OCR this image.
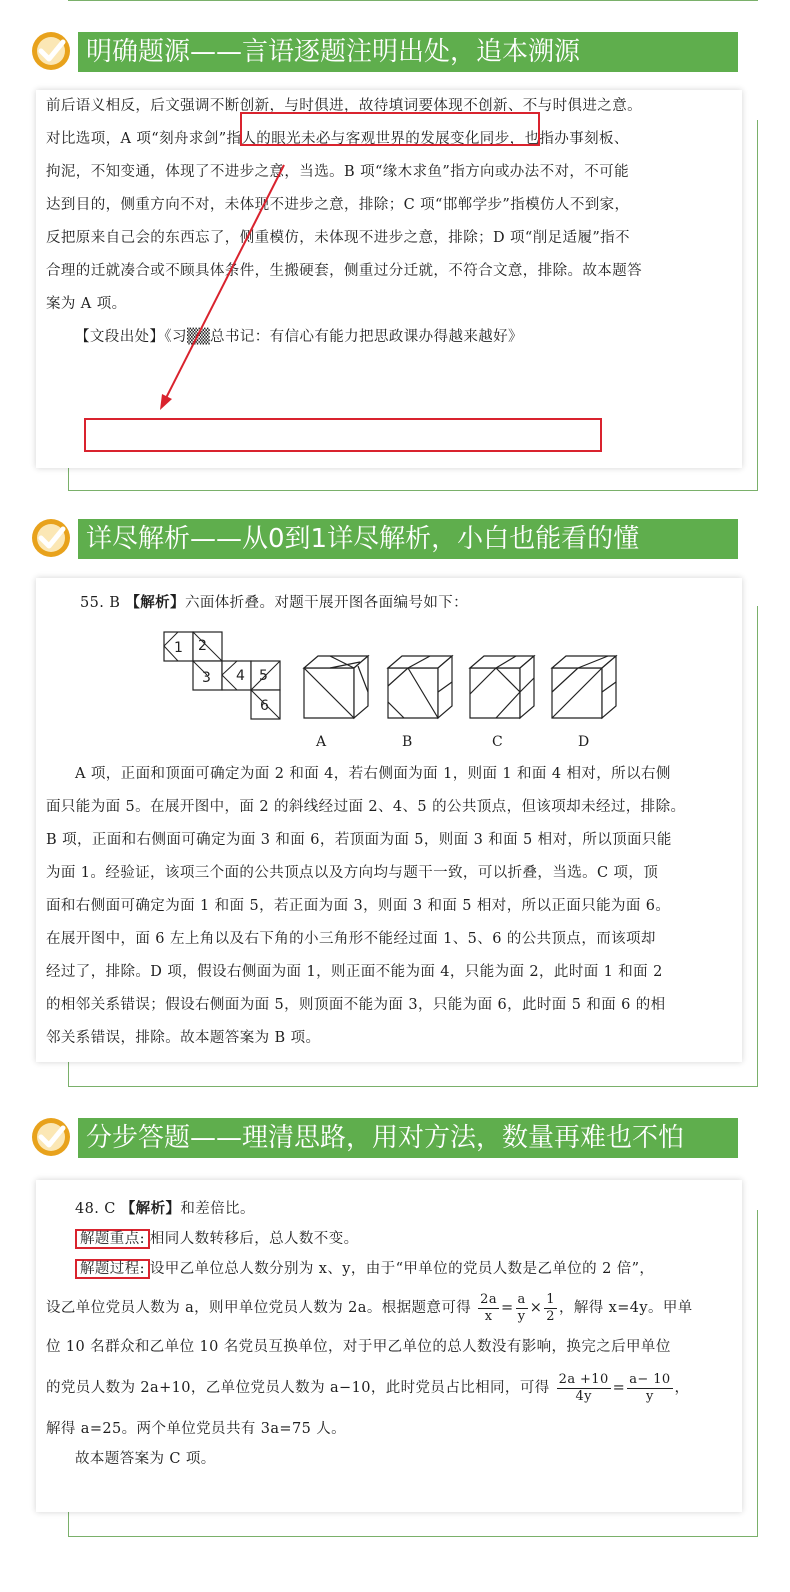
明确题源——言语逐题注明出处，追本溯源

前后语义相反，后文强调不断创新，与时俱进，故待填词要体现不创新、不与时俱进之意。

对比选项，A 项“刻舟求剑”指人的眼光未必与客观世界的发展变化同步，也指办事刻板、

拘泥，不知变通，体现了不进步之意，当选。B 项“缘木求鱼”指方向或办法不对，不可能

达到目的，侧重方向不对，未体现不进步之意，排除；C 项“邯郸学步”指模仿人不到家，

反把原来自己会的东西忘了，侧重模仿，未体现不进步之意，排除；D 项“削足适履”指不

合理的迁就凑合或不顾具体条件，生搬硬套，侧重过分迁就，不符合文意，排除。故本题答

案为 A 项。

【文段出处】《习▒▒总书记：有信心有能力把思政课办得越来越好》

详尽解析——从0到1详尽解析，小白也能看的懂
55. B 【解析】六面体折叠。对题干展开图各面编号如下：
1 2
3 4 5
6
A	B	C	D

A 项，正面和顶面可确定为面 2 和面 4，若右侧面为面 1，则面 1 和面 4 相对，所以右侧

面只能为面 5。在展开图中，面 2 的斜线经过面 2、4、5 的公共顶点，但该项却未经过，排除。

B 项，正面和右侧面可确定为面 3 和面 6，若顶面为面 5，则面 3 和面 5 相对，所以顶面只能

为面 1。经验证，该项三个面的公共顶点以及方向均与题干一致，可以折叠，当选。C 项，顶

面和右侧面可确定为面 1 和面 5，若正面为面 3，则面 3 和面 5 相对，所以正面只能为面 6。

在展开图中，面 6 左上角以及右下角的小三角形不能经过面 1、5、6 的公共顶点，而该项却

经过了，排除。D 项，假设右侧面为面 1，则正面不能为面 4，只能为面 2，此时面 1 和面 2

的相邻关系错误；假设右侧面为面 5，则顶面不能为面 3，只能为面 6，此时面 5 和面 6 的相

邻关系错误，排除。故本题答案为 B 项。

分步答题——理清思路，用对方法，数量再难也不怕

48. C 【解析】和差倍比。

解题重点: 相同人数转移后，总人数不变。

解题过程: 设甲乙单位总人数分别为 x、y，由于“甲单位的党员人数是乙单位的 2 倍”，

设乙单位党员人数为 a，则甲单位党员人数为 2a。根据题意可得 $\frac{2a}{x} = \frac{a}{y} \times \frac{1}{2}$ ，解得 x=4y。甲单

位 10 名群众和乙单位 10 名党员互换单位，对于甲乙单位的总人数没有影响，换完之后甲单位

的党员人数为 2a+10，乙单位党员人数为 a−10，此时党员占比相同，可得 $\frac{2a +10}{4y} = \frac{a- 10}{y}$ ，

解得 a=25。两个单位党员共有 3a=75 人。

故本题答案为 C 项。
